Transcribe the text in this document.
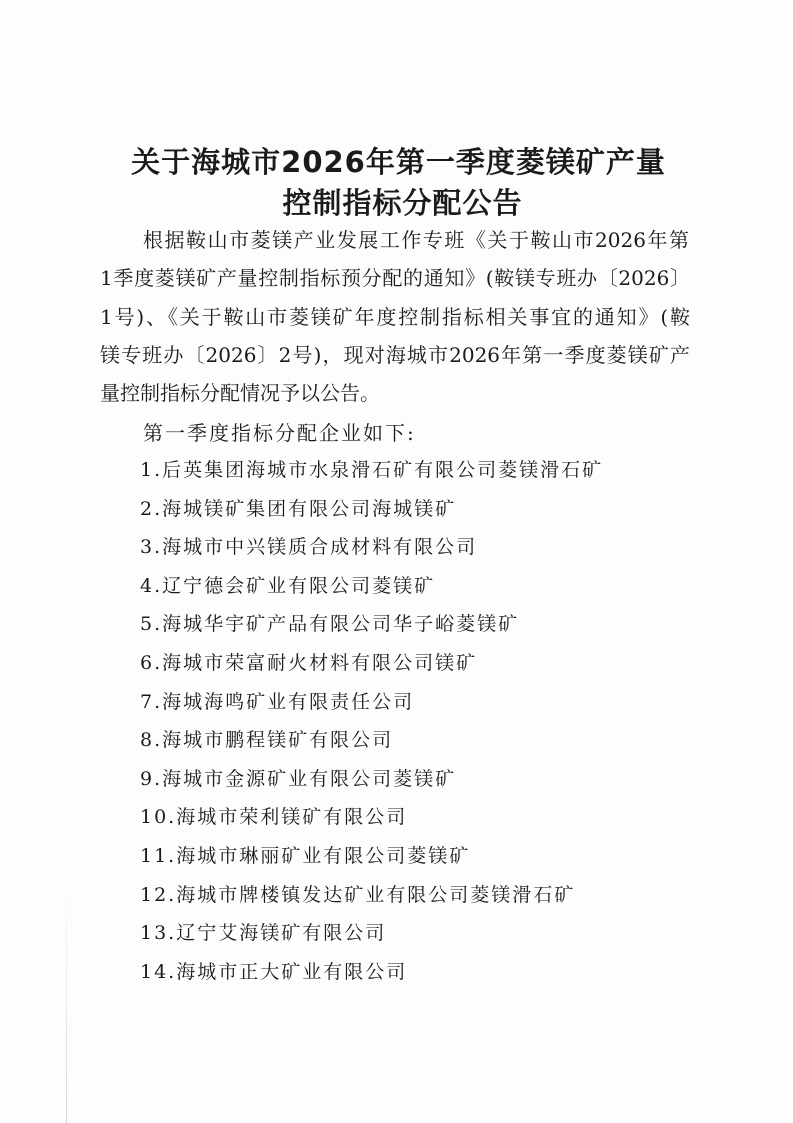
关于海城市2026年第一季度菱镁矿产量
控制指标分配公告
根据鞍山市菱镁产业发展工作专班《关于鞍山市2026年第
1季度菱镁矿产量控制指标预分配的通知》(鞍镁专班办〔2026〕
1号)、《关于鞍山市菱镁矿年度控制指标相关事宜的通知》(鞍
镁专班办〔2026〕2号)，现对海城市2026年第一季度菱镁矿产
量控制指标分配情况予以公告。
第一季度指标分配企业如下:
1.后英集团海城市水泉滑石矿有限公司菱镁滑石矿
2.海城镁矿集团有限公司海城镁矿
3.海城市中兴镁质合成材料有限公司
4.辽宁德会矿业有限公司菱镁矿
5.海城华宇矿产品有限公司华子峪菱镁矿
6.海城市荣富耐火材料有限公司镁矿
7.海城海鸣矿业有限责任公司
8.海城市鹏程镁矿有限公司
9.海城市金源矿业有限公司菱镁矿
10.海城市荣利镁矿有限公司
11.海城市琳丽矿业有限公司菱镁矿
12.海城市牌楼镇发达矿业有限公司菱镁滑石矿
13.辽宁艾海镁矿有限公司
14.海城市正大矿业有限公司
